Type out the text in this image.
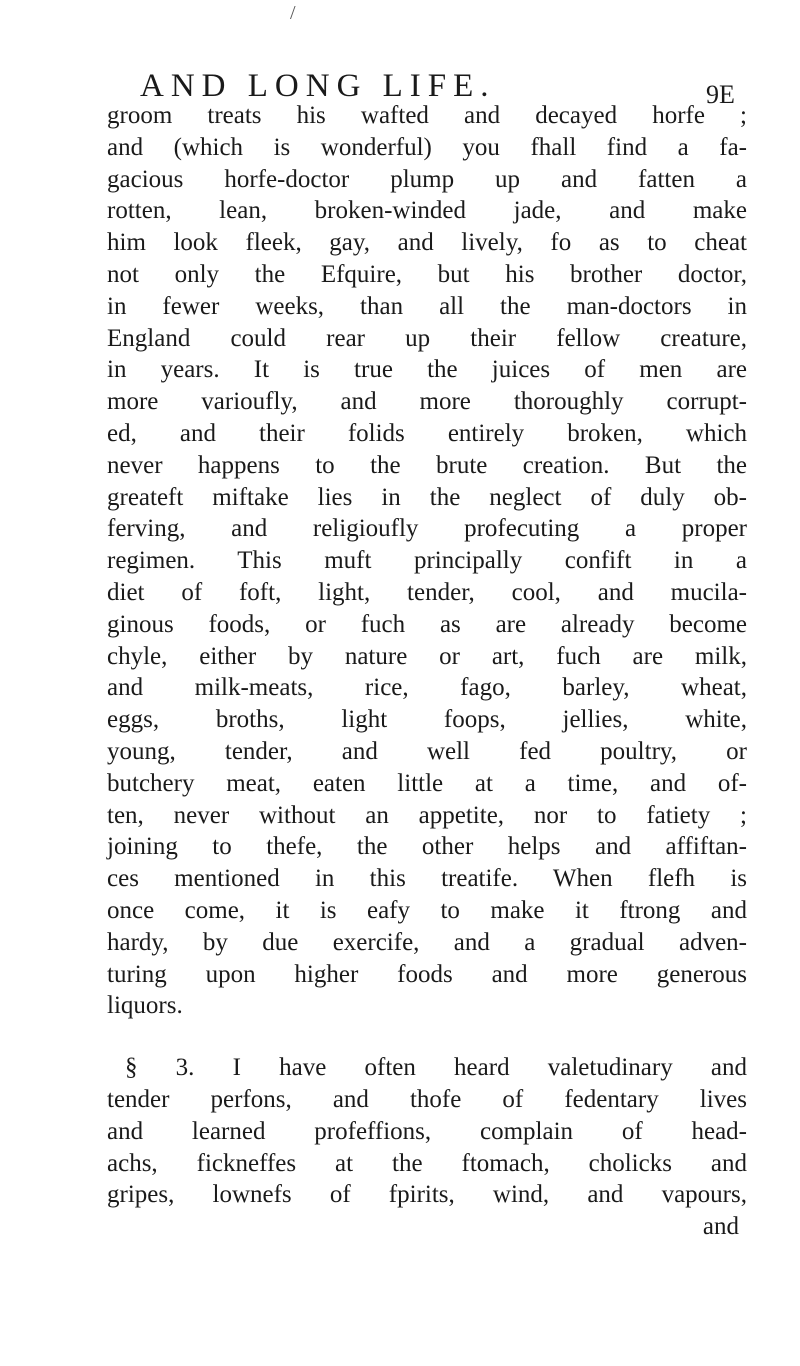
/
AND LONG LIFE.	9E
groom treats his wafted and decayed horfe ;
and (which is wonderful) you fhall find a fa-
gacious horfe-doctor plump up and fatten a
rotten, lean, broken-winded jade, and make
him look fleek, gay, and lively, fo as to cheat
not only the Efquire, but his brother doctor,
in fewer weeks, than all the man-doctors in
England could rear up their fellow creature,
in years. It is true the juices of men are
more varioufly, and more thoroughly corrupt-
ed, and their folids entirely broken, which
never happens to the brute creation. But the
greateft miftake lies in the neglect of duly ob-
ferving, and religioufly profecuting a proper
regimen. This muft principally confift in a
diet of foft, light, tender, cool, and mucila-
ginous foods, or fuch as are already become
chyle, either by nature or art, fuch are milk,
and milk-meats, rice, fago, barley, wheat,
eggs, broths, light foops, jellies, white,
young, tender, and well fed poultry, or
butchery meat, eaten little at a time, and of-
ten, never without an appetite, nor to fatiety ;
joining to thefe, the other helps and affiftan-
ces mentioned in this treatife. When flefh is
once come, it is eafy to make it ftrong and
hardy, by due exercife, and a gradual adven-
turing upon higher foods and more generous
liquors.
§ 3. I have often heard valetudinary and
tender perfons, and thofe of fedentary lives
and learned profeffions, complain of head-
achs, fickneffes at the ftomach, cholicks and
gripes, lownefs of fpirits, wind, and vapours,
and
